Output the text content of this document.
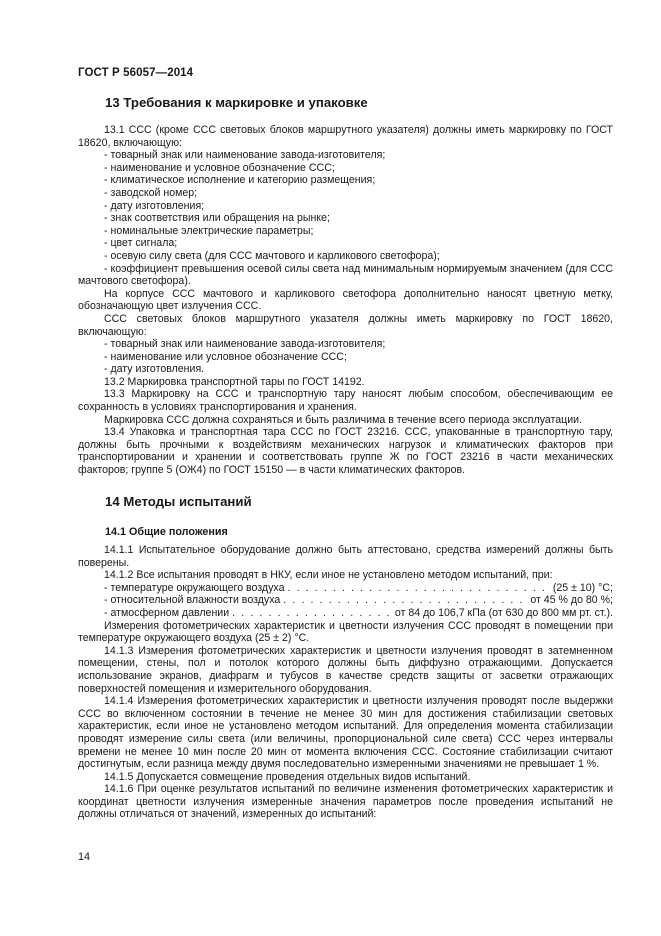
ГОСТ Р 56057—2014
13 Требования к маркировке и упаковке

13.1 ССС (кроме ССС световых блоков маршрутного указателя) должны иметь маркировку по ГОСТ 18620, включающую:

- товарный знак или наименование завода-изготовителя;

- наименование и условное обозначение ССС;

- климатическое исполнение и категорию размещения;

- заводской номер;

- дату изготовления;

- знак соответствия или обращения на рынке;

- номинальные электрические параметры;

- цвет сигнала;

- осевую силу света (для ССС мачтового и карликового светофора);

- коэффициент превышения осевой силы света над минимальным нормируемым значением (для ССС мачтового светофора).

На корпусе ССС мачтового и карликового светофора дополнительно наносят цветную метку, обозначающую цвет излучения ССС.

ССС световых блоков маршрутного указателя должны иметь маркировку по ГОСТ 18620, включающую:

- товарный знак или наименование завода-изготовителя;

- наименование или условное обозначение ССС;

- дату изготовления.

13.2 Маркировка транспортной тары по ГОСТ 14192.

13.3 Маркировку на ССС и транспортную тару наносят любым способом, обеспечивающим ее сохранность в условиях транспортирования и хранения.

Маркировка ССС должна сохраняться и быть различима в течение всего периода эксплуатации.

13.4 Упаковка и транспортная тара ССС по ГОСТ 23216. ССС, упакованные в транспортную тару, должны быть прочными к воздействиям механических нагрузок и климатических факторов при транспортировании и хранении и соответствовать группе Ж по ГОСТ 23216 в части механических факторов; группе 5 (ОЖ4) по ГОСТ 15150 — в части климатических факторов.

14 Методы испытаний
14.1 Общие положения

14.1.1 Испытательное оборудование должно быть аттестовано, средства измерений должны быть поверены.

14.1.2 Все испытания проводят в НКУ, если иное не установлено методом испытаний, при:

- температуре окружающего воздуха . . .	(25 ± 10) °С;
- относительной влажности воздуха . . .	от 45 % до 80 %;
- атмосферном давлении . . .	от 84 до 106,7 кПа (от 630 до 800 мм рт. ст.).

Измерения фотометрических характеристик и цветности излучения ССС проводят в помещении при температуре окружающего воздуха (25 ± 2) °С.

14.1.3 Измерения фотометрических характеристик и цветности излучения проводят в затемненном помещении, стены, пол и потолок которого должны быть диффузно отражающими. Допускается использование экранов, диафрагм и тубусов в качестве средств защиты от засветки отражающих поверхностей помещения и измерительного оборудования.

14.1.4 Измерения фотометрических характеристик и цветности излучения проводят после выдержки ССС во включенном состоянии в течение не менее 30 мин для достижения стабилизации световых характеристик, если иное не установлено методом испытаний. Для определения момента стабилизации проводят измерение силы света (или величины, пропорциональной силе света) ССС через интервалы времени не менее 10 мин после 20 мин от момента включения ССС. Состояние стабилизации считают достигнутым, если разница между двумя последовательно измеренными значениями не превышает 1 %.

14.1.5 Допускается совмещение проведения отдельных видов испытаний.

14.1.6 При оценке результатов испытаний по величине изменения фотометрических характеристик и координат цветности излучения измеренные значения параметров после проведения испытаний не должны отличаться от значений, измеренных до испытаний:

14
